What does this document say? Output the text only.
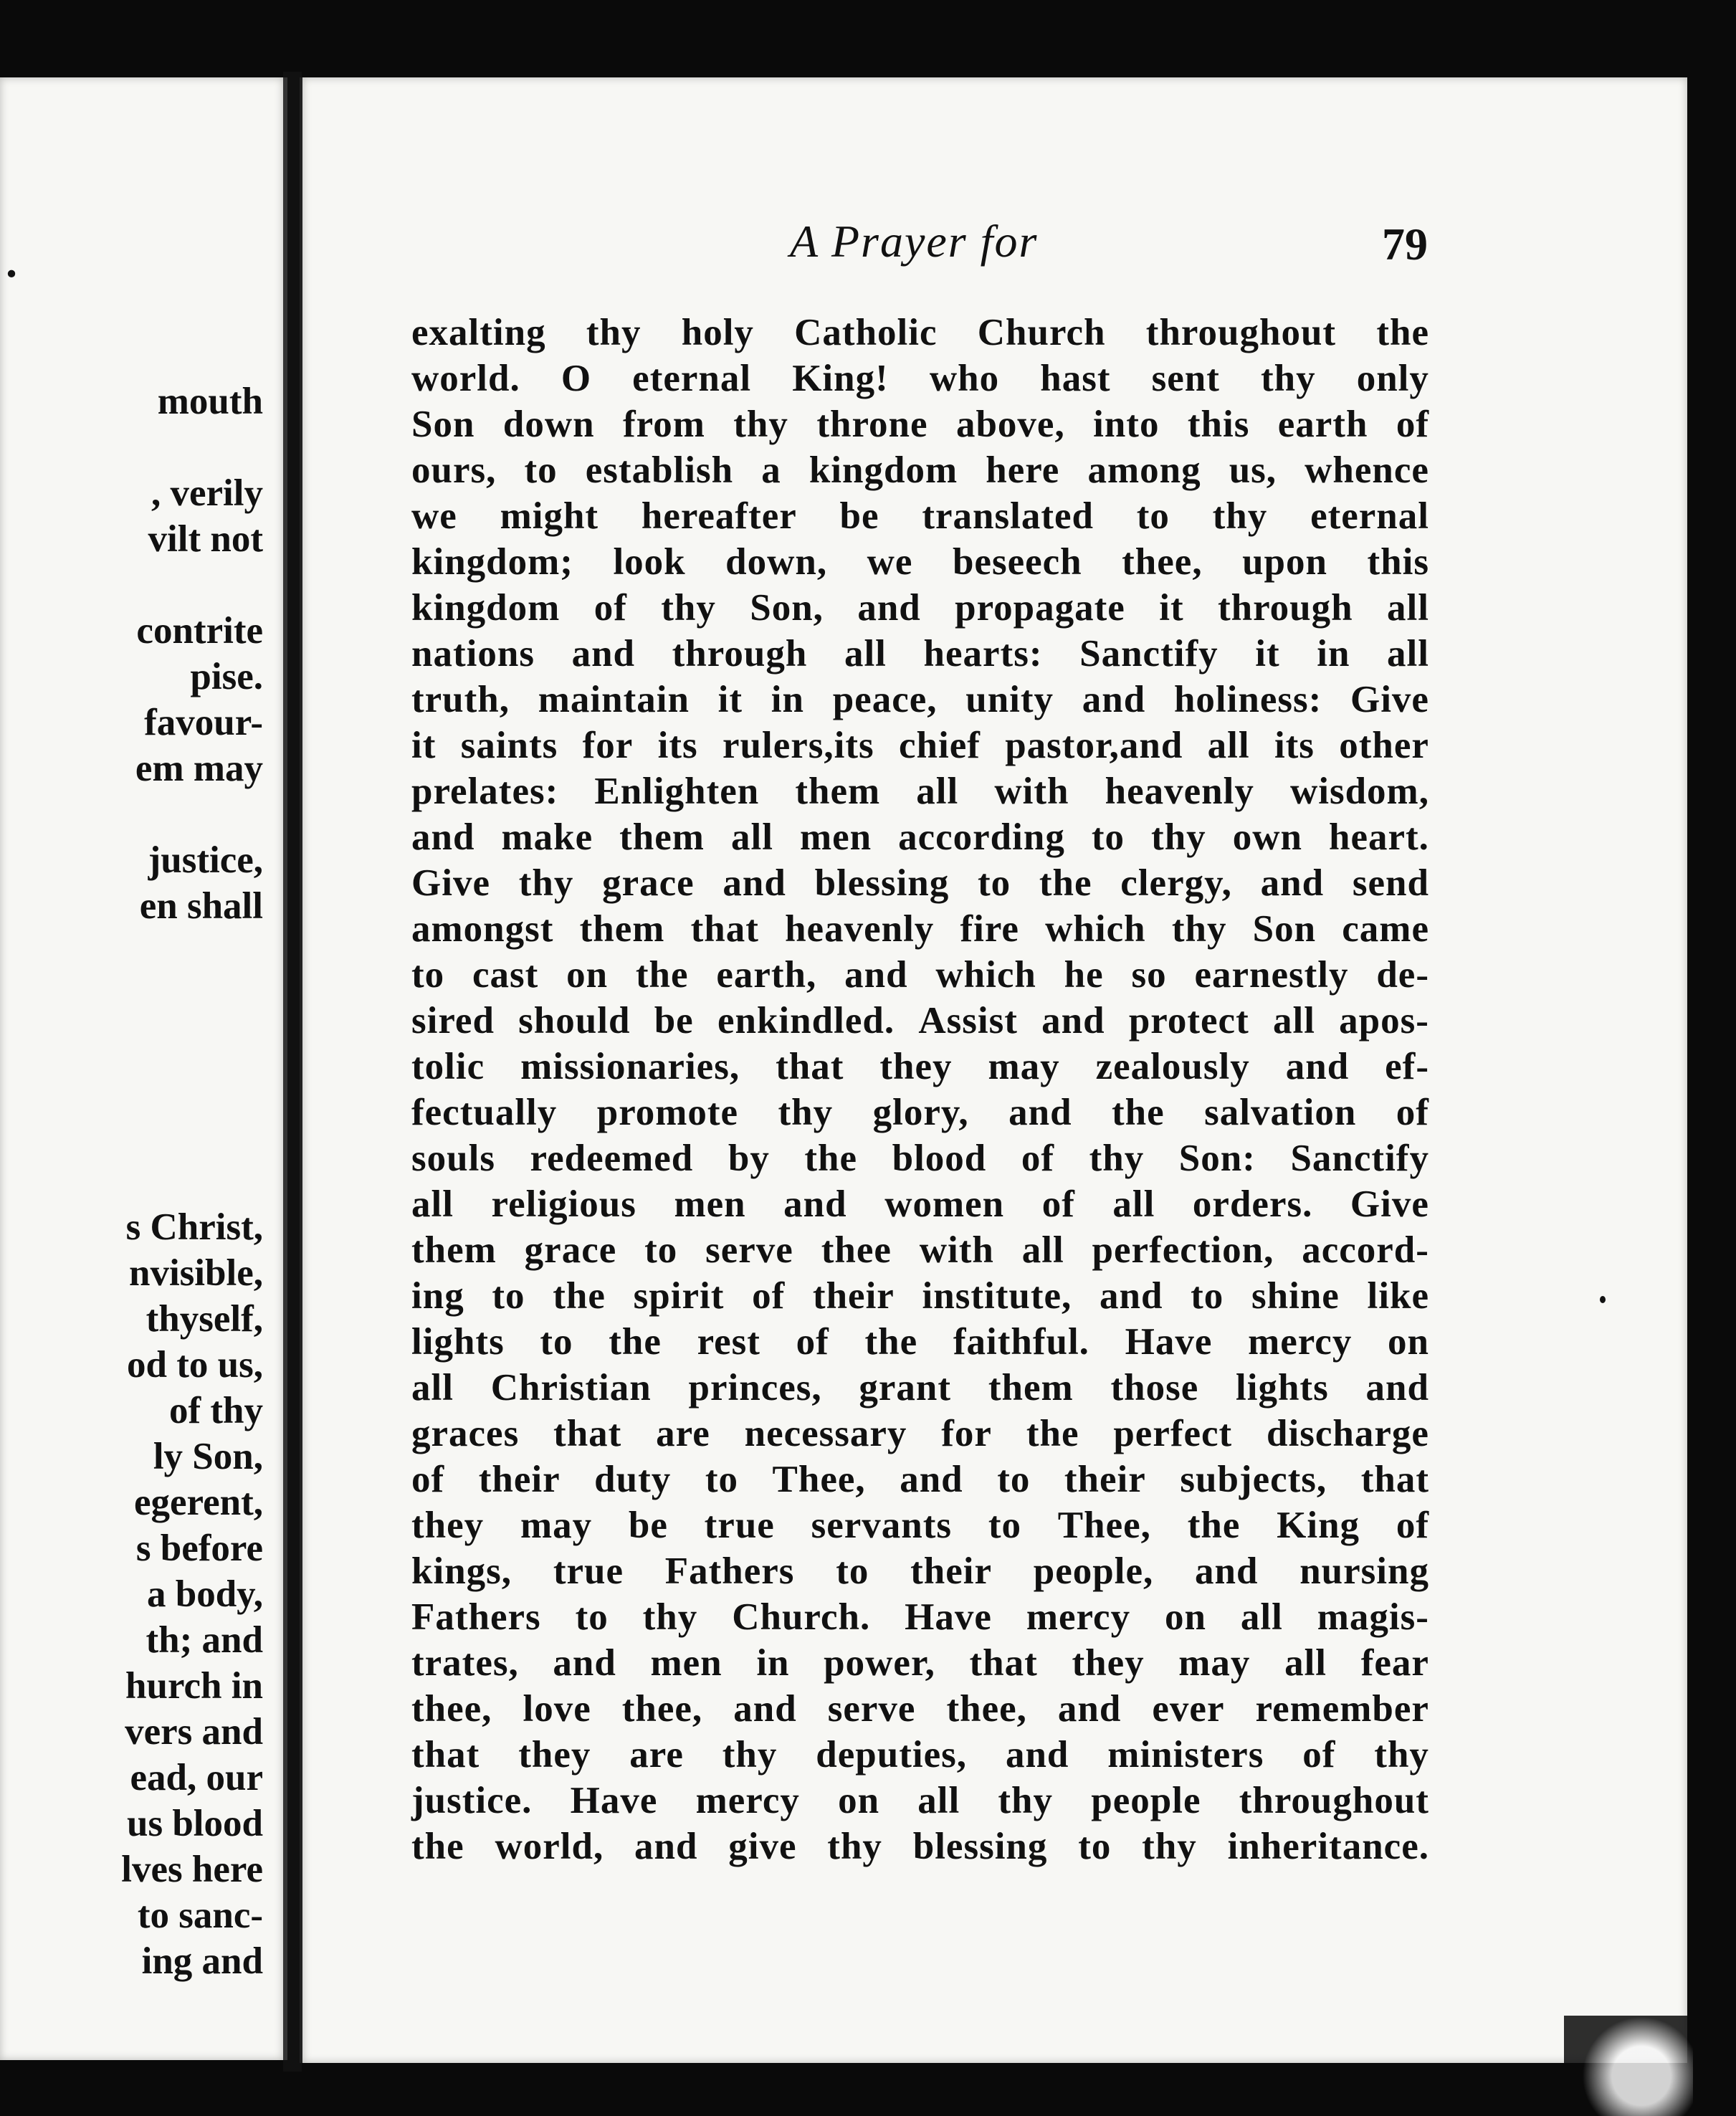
.
mouth
, verily
vilt not
contrite
pise.
favour-
em may
justice,
en shall
s Christ,
nvisible,
thyself,
od to us,
of thy
ly Son,
egerent,
s before
a body,
th; and
hurch in
vers and
ead, our
us blood
lves here
to sanc-
ing and
A Prayer for	79
exalting thy holy Catholic Church throughout the
world. O eternal King! who hast sent thy only
Son down from thy throne above, into this earth of
ours, to establish a kingdom here among us, whence
we might hereafter be translated to thy eternal
kingdom; look down, we beseech thee, upon this
kingdom of thy Son, and propagate it through all
nations and through all hearts: Sanctify it in all
truth, maintain it in peace, unity and holiness: Give
it saints for its rulers,its chief pastor,and all its other
prelates: Enlighten them all with heavenly wisdom,
and make them all men according to thy own heart.
Give thy grace and blessing to the clergy, and send
amongst them that heavenly fire which thy Son came
to cast on the earth, and which he so earnestly de-
sired should be enkindled. Assist and protect all apos-
tolic missionaries, that they may zealously and ef-
fectually promote thy glory, and the salvation of
souls redeemed by the blood of thy Son: Sanctify
all religious men and women of all orders. Give
them grace to serve thee with all perfection, accord-
ing to the spirit of their institute, and to shine like
lights to the rest of the faithful. Have mercy on
all Christian princes, grant them those lights and
graces that are necessary for the perfect discharge
of their duty to Thee, and to their subjects, that
they may be true servants to Thee, the King of
kings, true Fathers to their people, and nursing
Fathers to thy Church. Have mercy on all magis-
trates, and men in power, that they may all fear
thee, love thee, and serve thee, and ever remember
that they are thy deputies, and ministers of thy
justice. Have mercy on all thy people throughout
the world, and give thy blessing to thy inheritance.
